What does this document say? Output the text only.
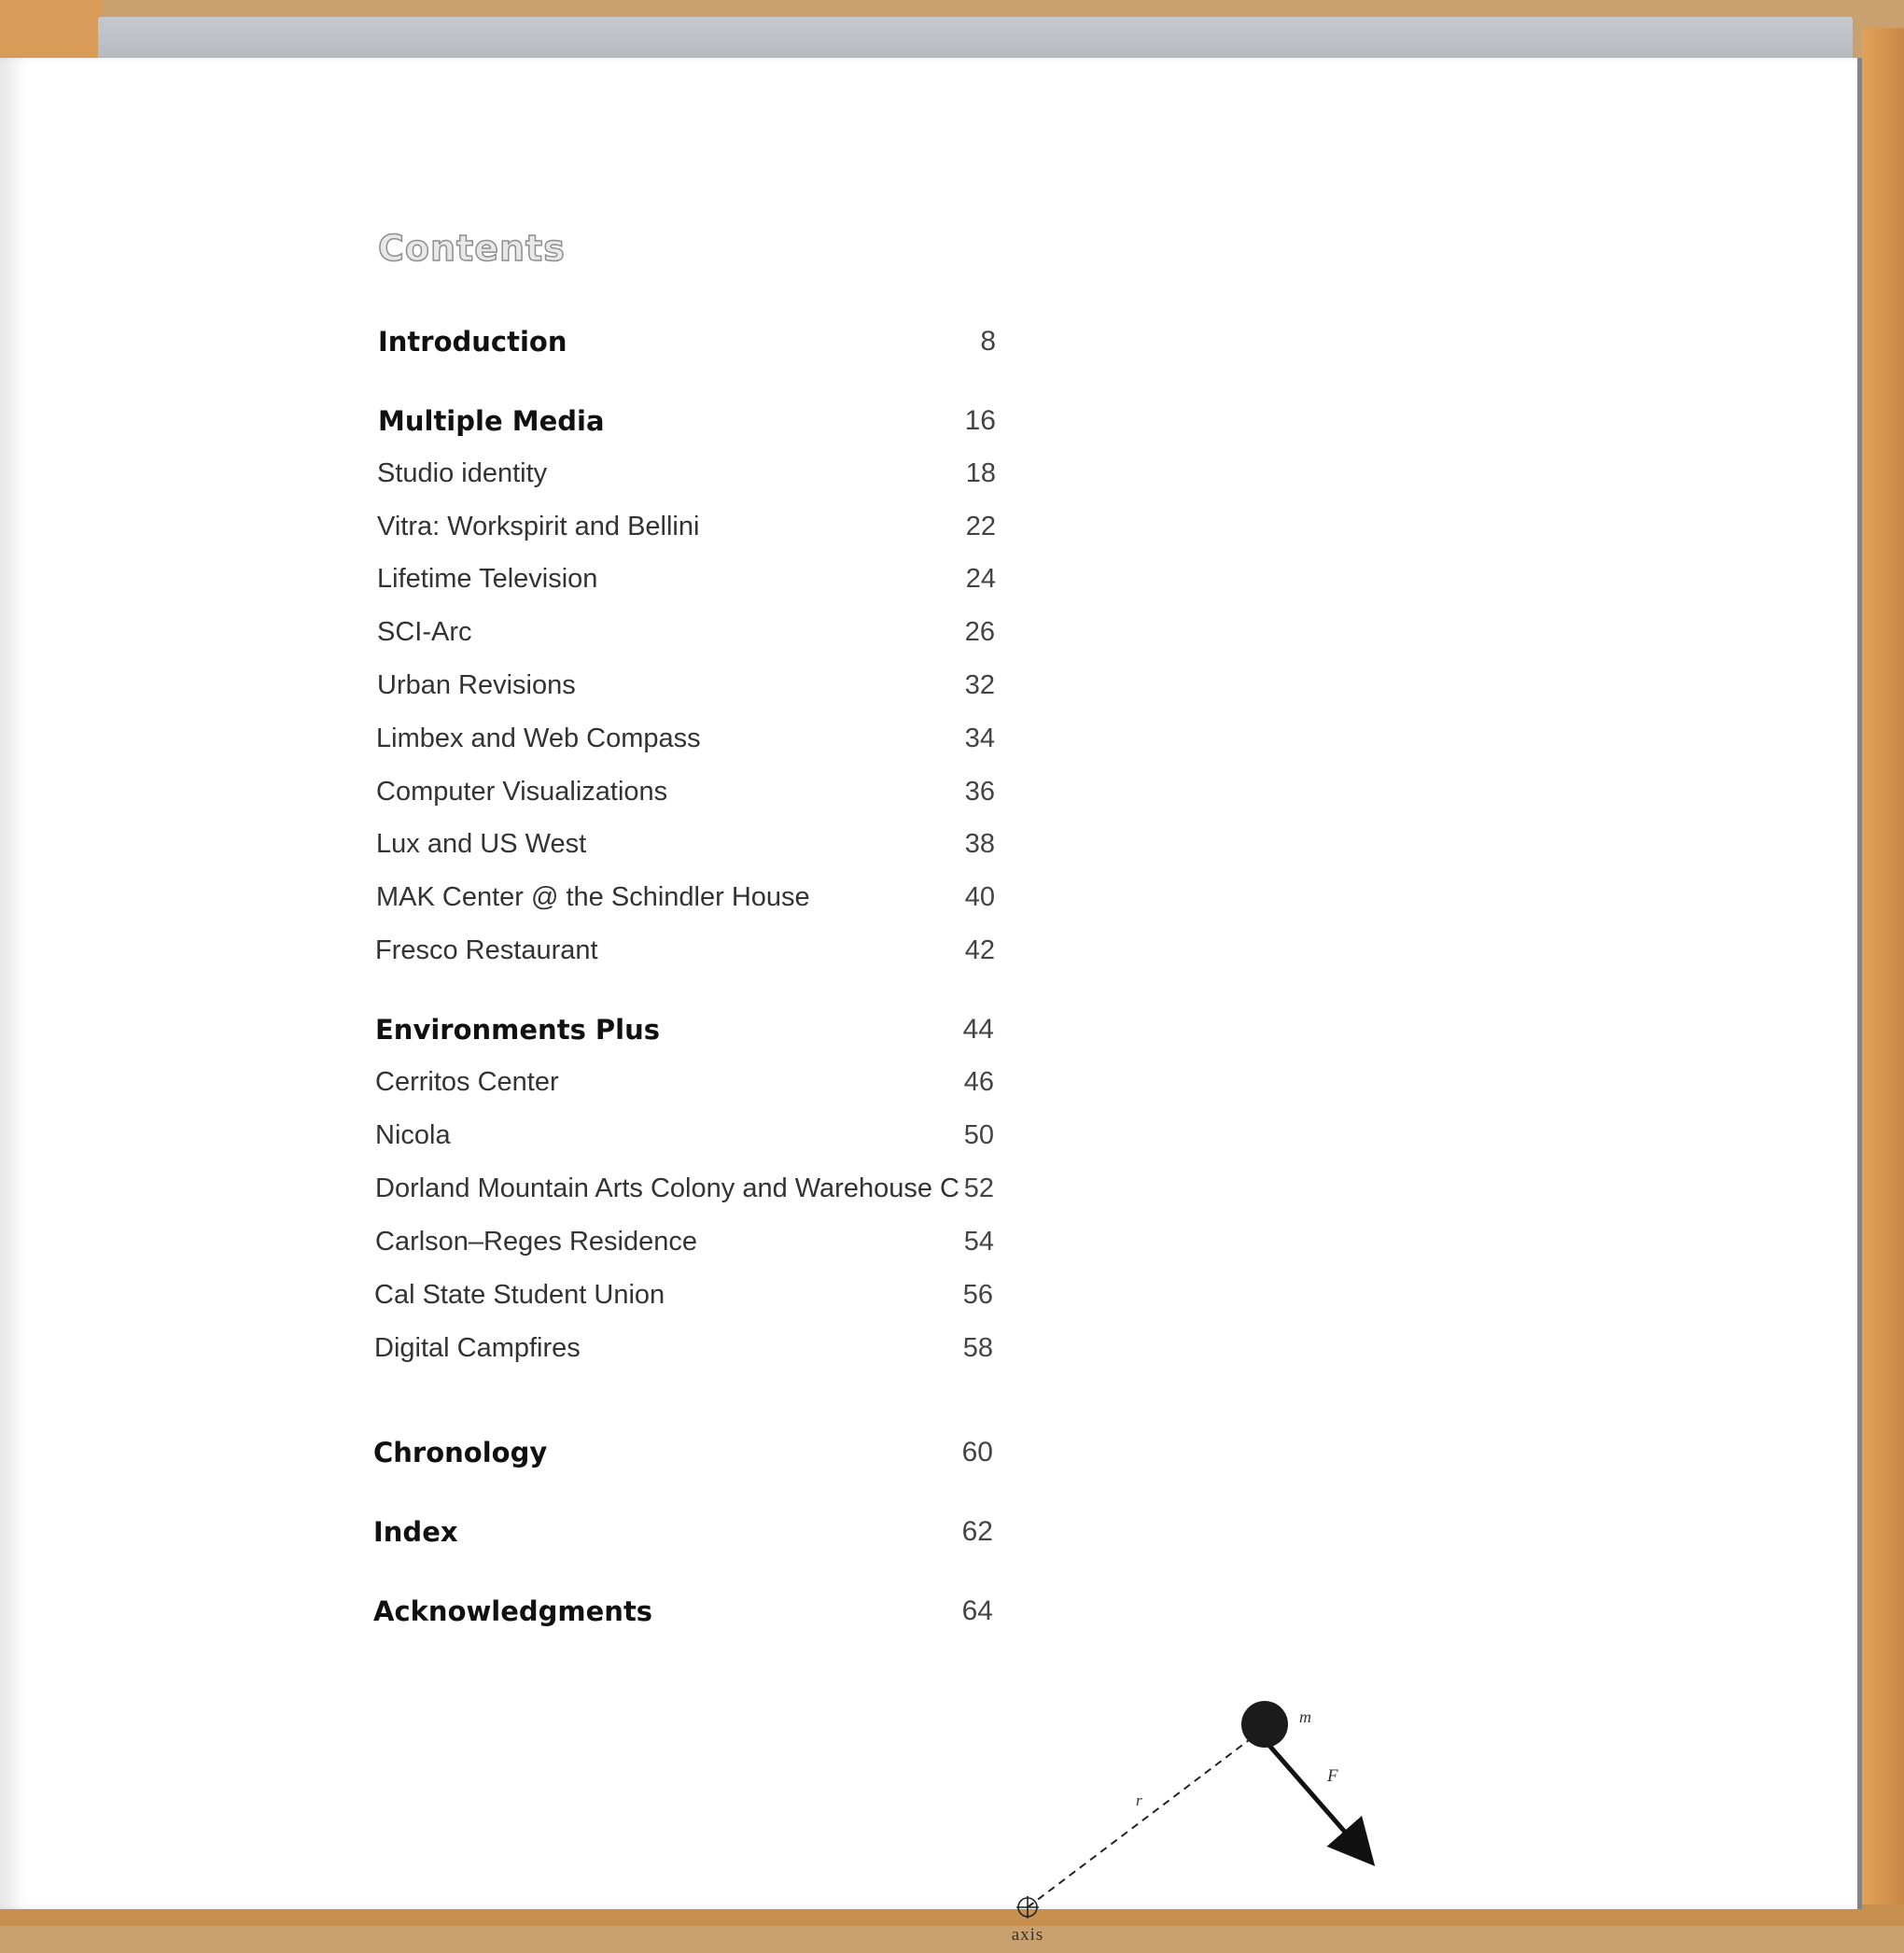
Contents
Introduction	8
Multiple Media	16
Studio identity	18
Vitra: Workspirit and Bellini	22
Lifetime Television	24
SCI-Arc	26
Urban Revisions	32
Limbex and Web Compass	34
Computer Visualizations	36
Lux and US West	38
MAK Center @ the Schindler House	40
Fresco Restaurant	42
Environments Plus	44
Cerritos Center	46
Nicola	50
Dorland Mountain Arts Colony and Warehouse C 52
Carlson–Reges Residence	54
Cal State Student Union	56
Digital Campfires	58
Chronology	60
Index	62
Acknowledgments	64
m
F
r
axis
